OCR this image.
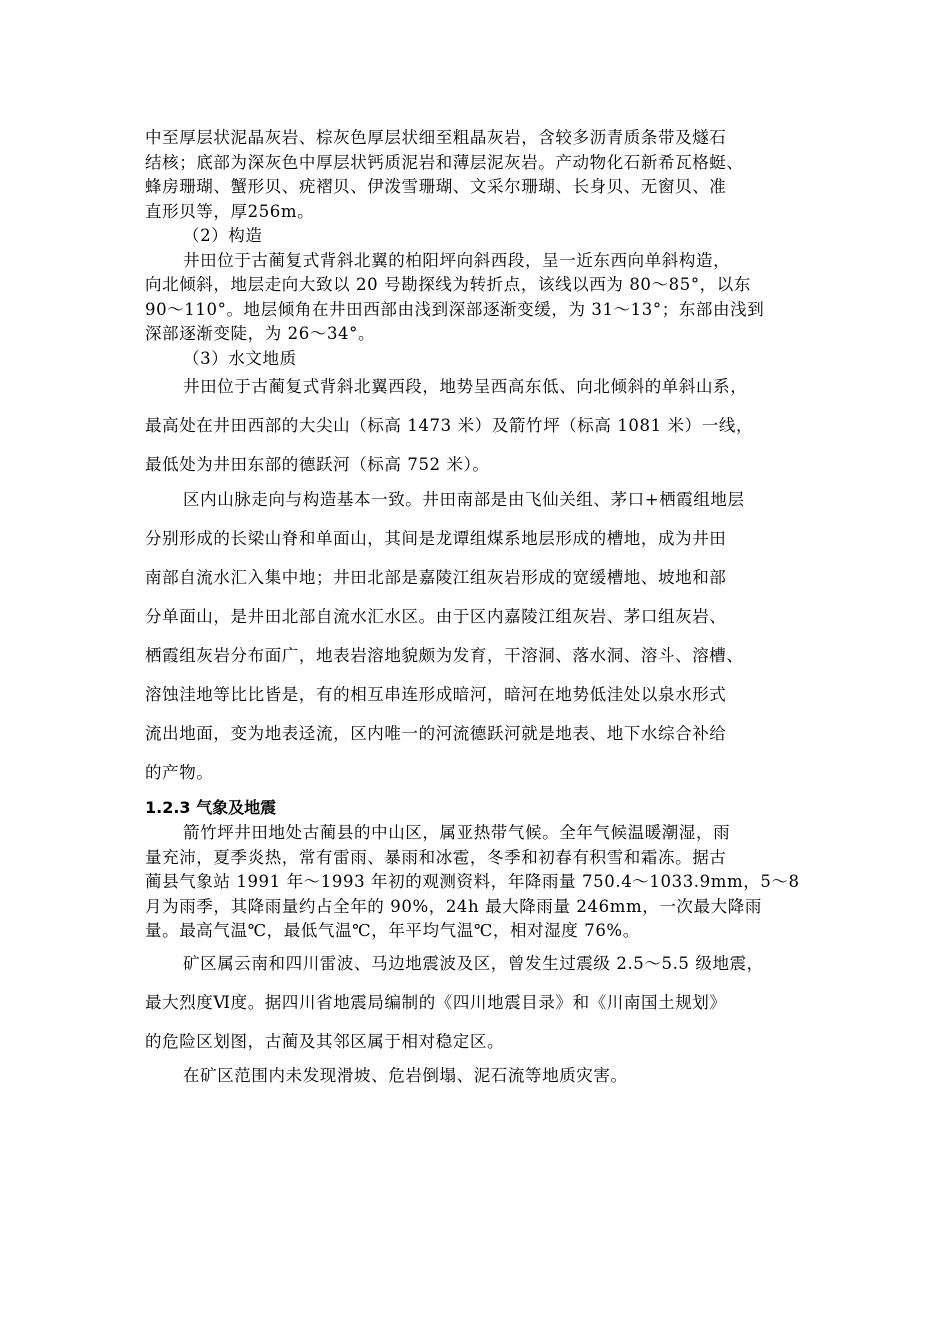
中至厚层状泥晶灰岩、棕灰色厚层状细至粗晶灰岩，含较多沥青质条带及燧石
结核；底部为深灰色中厚层状钙质泥岩和薄层泥灰岩。产动物化石新希瓦格蜓、
蜂房珊瑚、蟹形贝、疣褶贝、伊泼雪珊瑚、文采尔珊瑚、长身贝、无窗贝、准
直形贝等，厚256m。
（2）构造
井田位于古蔺复式背斜北翼的柏阳坪向斜西段，呈一近东西向单斜构造，
向北倾斜，地层走向大致以 20 号勘探线为转折点，该线以西为 80～85°，以东
90～110°。地层倾角在井田西部由浅到深部逐渐变缓，为 31～13°；东部由浅到
深部逐渐变陡，为 26～34°。
（3）水文地质
井田位于古蔺复式背斜北翼西段，地势呈西高东低、向北倾斜的单斜山系，
最高处在井田西部的大尖山（标高 1473 米）及箭竹坪（标高 1081 米）一线，
最低处为井田东部的德跃河（标高 752 米）。
区内山脉走向与构造基本一致。井田南部是由飞仙关组、茅口+栖霞组地层
分别形成的长梁山脊和单面山，其间是龙谭组煤系地层形成的槽地，成为井田
南部自流水汇入集中地；井田北部是嘉陵江组灰岩形成的宽缓槽地、坡地和部
分单面山，是井田北部自流水汇水区。由于区内嘉陵江组灰岩、茅口组灰岩、
栖霞组灰岩分布面广，地表岩溶地貌颇为发育，干溶洞、落水洞、溶斗、溶槽、
溶蚀洼地等比比皆是，有的相互串连形成暗河，暗河在地势低洼处以泉水形式
流出地面，变为地表迳流，区内唯一的河流德跃河就是地表、地下水综合补给
的产物。
1.2.3 气象及地震
箭竹坪井田地处古蔺县的中山区，属亚热带气候。全年气候温暖潮湿，雨
量充沛，夏季炎热，常有雷雨、暴雨和冰雹，冬季和初春有积雪和霜冻。据古
蔺县气象站 1991 年～1993 年初的观测资料，年降雨量 750.4～1033.9mm，5～8
月为雨季，其降雨量约占全年的 90%，24h 最大降雨量 246mm，一次最大降雨
量。最高气温℃，最低气温℃，年平均气温℃，相对湿度 76%。
矿区属云南和四川雷波、马边地震波及区，曾发生过震级 2.5～5.5 级地震，
最大烈度Ⅵ度。据四川省地震局编制的《四川地震目录》和《川南国土规划》
的危险区划图，古蔺及其邻区属于相对稳定区。
在矿区范围内未发现滑坡、危岩倒塌、泥石流等地质灾害。
